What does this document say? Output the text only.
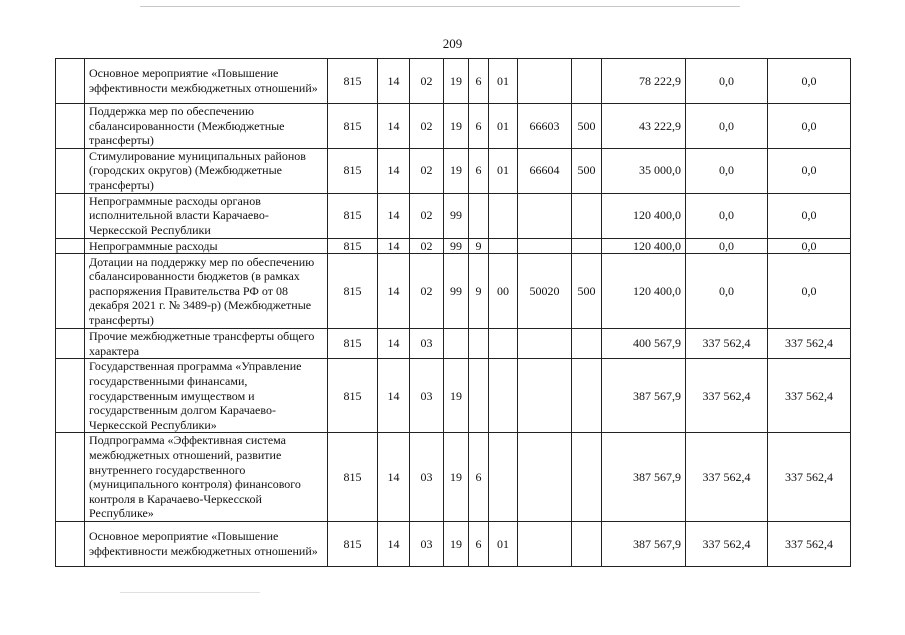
209
	Основное мероприятие «Повышение эффективности межбюджетных отношений»	815	14	02	19	6	01			78 222,9	0,0	0,0
	Поддержка мер по обеспечению сбалансированности (Межбюджетные трансферты)	815	14	02	19	6	01	66603	500	43 222,9	0,0	0,0
	Стимулирование муниципальных районов (городских округов) (Межбюджетные трансферты)	815	14	02	19	6	01	66604	500	35 000,0	0,0	0,0
	Непрограммные расходы органов исполнительной власти Карачаево-Черкесской Республики	815	14	02	99					120 400,0	0,0	0,0
	Непрограммные расходы	815	14	02	99	9				120 400,0	0,0	0,0
	Дотации на поддержку мер по обеспечению сбалансированности бюджетов (в рамках распоряжения Правительства РФ от 08 декабря 2021 г. № 3489-р) (Межбюджетные трансферты)	815	14	02	99	9	00	50020	500	120 400,0	0,0	0,0
	Прочие межбюджетные трансферты общего характера	815	14	03						400 567,9	337 562,4	337 562,4
	Государственная программа «Управление государственными финансами, государственным имуществом и государственным долгом Карачаево-Черкесской Республики»	815	14	03	19					387 567,9	337 562,4	337 562,4
	Подпрограмма «Эффективная система межбюджетных отношений, развитие внутреннего государственного (муниципального контроля) финансового контроля в Карачаево-Черкесской Республике»	815	14	03	19	6				387 567,9	337 562,4	337 562,4
	Основное мероприятие «Повышение эффективности межбюджетных отношений»	815	14	03	19	6	01			387 567,9	337 562,4	337 562,4
